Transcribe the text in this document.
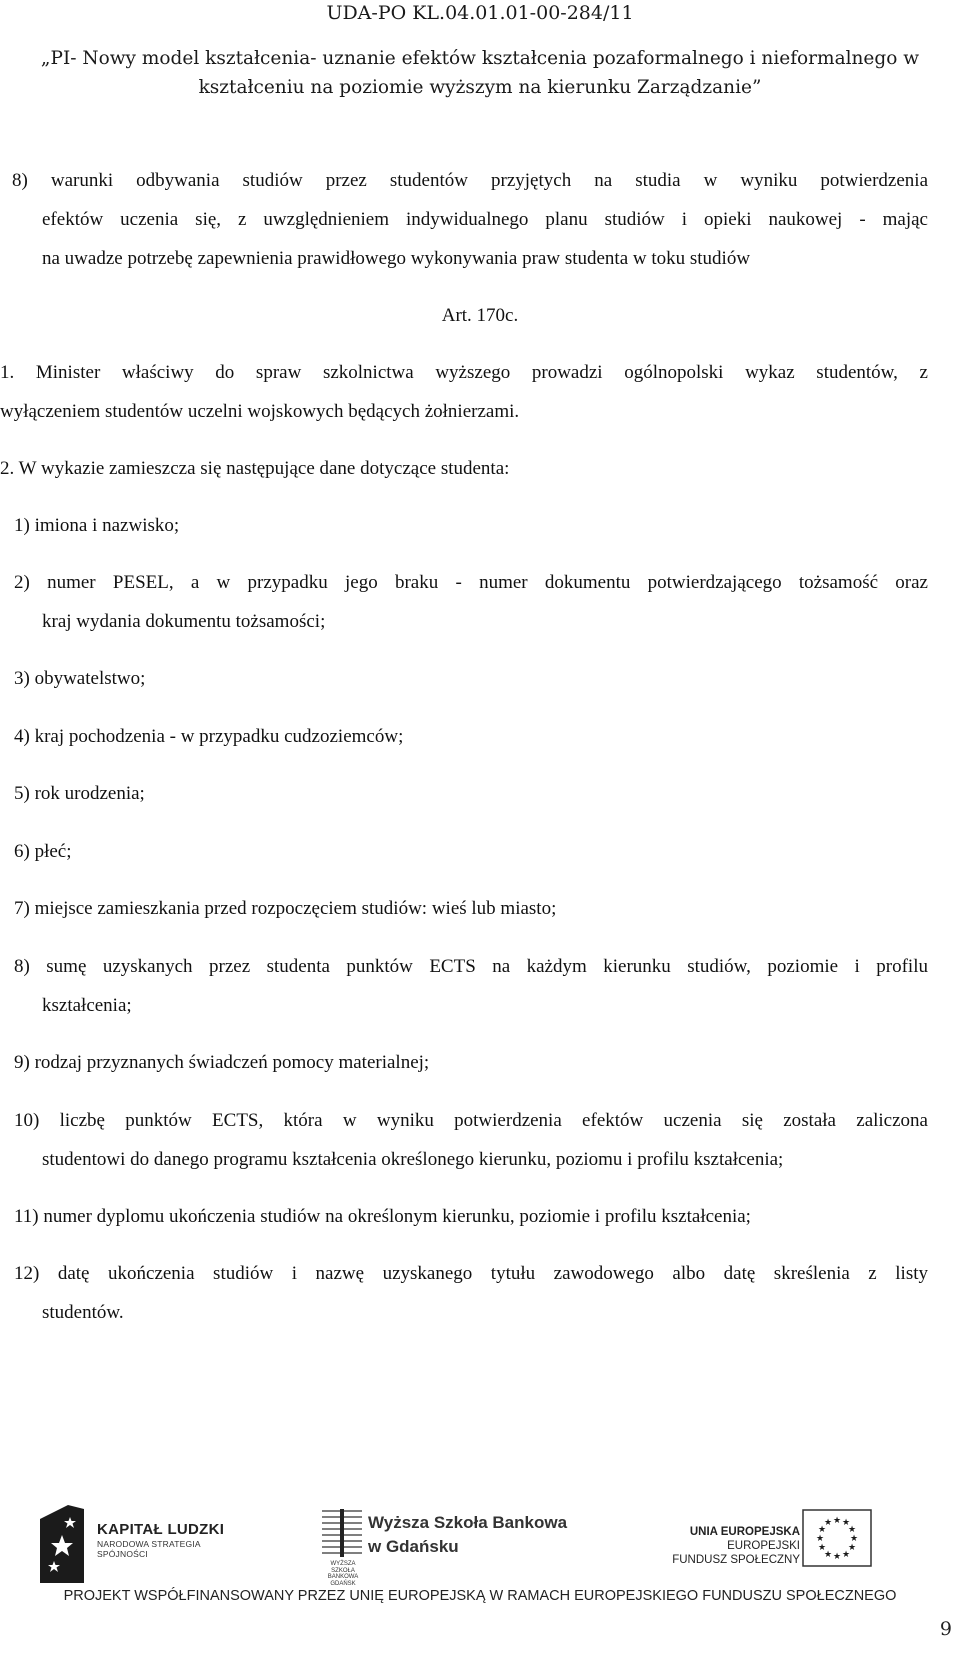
UDA-PO KL.04.01.01-00-284/11
„PI- Nowy model kształcenia- uznanie efektów kształcenia pozaformalnego i nieformalnego w
kształceniu na poziomie wyższym na kierunku Zarządzanie”
8) warunki odbywania studiów przez studentów przyjętych na studia w wyniku potwierdzenia
efektów uczenia się, z uwzględnieniem indywidualnego planu studiów i opieki naukowej - mając
na uwadze potrzebę zapewnienia prawidłowego wykonywania praw studenta w toku studiów
Art. 170c.
1. Minister właściwy do spraw szkolnictwa wyższego prowadzi ogólnopolski wykaz studentów, z
wyłączeniem studentów uczelni wojskowych będących żołnierzami.
2. W wykazie zamieszcza się następujące dane dotyczące studenta:
1) imiona i nazwisko;
2) numer PESEL, a w przypadku jego braku - numer dokumentu potwierdzającego tożsamość oraz
kraj wydania dokumentu tożsamości;
3) obywatelstwo;
4) kraj pochodzenia - w przypadku cudzoziemców;
5) rok urodzenia;
6) płeć;
7) miejsce zamieszkania przed rozpoczęciem studiów: wieś lub miasto;
8) sumę uzyskanych przez studenta punktów ECTS na każdym kierunku studiów, poziomie i profilu
kształcenia;
9) rodzaj przyznanych świadczeń pomocy materialnej;
10) liczbę punktów ECTS, która w wyniku potwierdzenia efektów uczenia się została zaliczona
studentowi do danego programu kształcenia określonego kierunku, poziomu i profilu kształcenia;
11) numer dyplomu ukończenia studiów na określonym kierunku, poziomie i profilu kształcenia;
12) datę ukończenia studiów i nazwę uzyskanego tytułu zawodowego albo datę skreślenia z listy
studentów.
KAPITAŁ LUDZKI
NARODOWA STRATEGIA SPÓJNOŚCI
WYŻSZA SZKOŁA BANKOWA GDAŃSK
Wyższa Szkoła Bankowa
w Gdańsku
UNIA EUROPEJSKA
EUROPEJSKI
FUNDUSZ SPOŁECZNY
★ ★
★
★
★
★
★
★
★
★
★
★
PROJEKT WSPÓŁFINANSOWANY PRZEZ UNIĘ EUROPEJSKĄ W RAMACH EUROPEJSKIEGO FUNDUSZU SPOŁECZNEGO
9
